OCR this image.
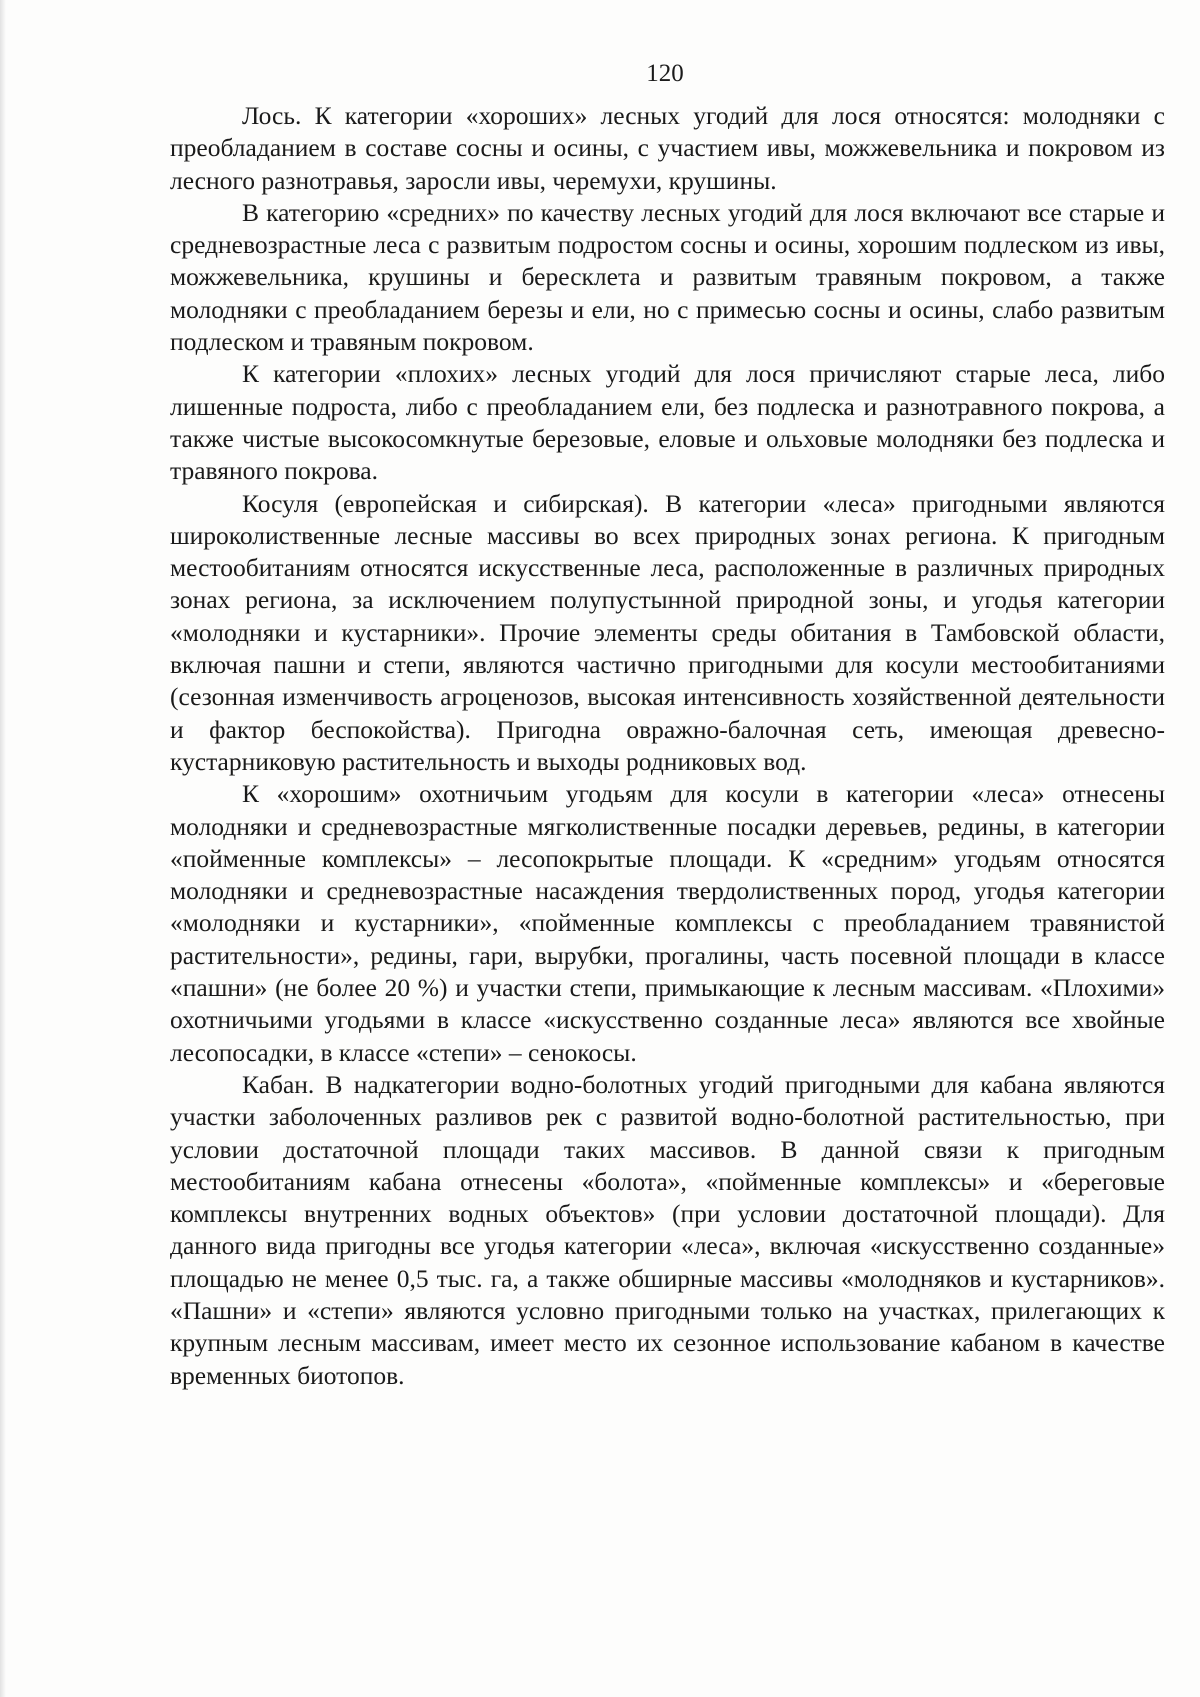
120

Лось. К категории «хороших» лесных угодий для лося относятся: молодняки с преобладанием в составе сосны и осины, с участием ивы, можжевельника и покровом из лесного разнотравья, заросли ивы, черемухи, крушины.

В категорию «средних» по качеству лесных угодий для лося включают все старые и средневозрастные леса с развитым подростом сосны и осины, хорошим подлеском из ивы, можжевельника, крушины и бересклета и развитым травяным покровом, а также молодняки с преобладанием березы и ели, но с примесью сосны и осины, слабо развитым подлеском и травяным покровом.

К категории «плохих» лесных угодий для лося причисляют старые леса, либо лишенные подроста, либо с преобладанием ели, без подлеска и разнотравного покрова, а также чистые высокосомкнутые березовые, еловые и ольховые молодняки без подлеска и травяного покрова.

Косуля (европейская и сибирская). В категории «леса» пригодными являются широколиственные лесные массивы во всех природных зонах региона. К пригодным местообитаниям относятся искусственные леса, расположенные в различных природных зонах региона, за исключением полупустынной природной зоны, и угодья категории «молодняки и кустарники». Прочие элементы среды обитания в Тамбовской области, включая пашни и степи, являются частично пригодными для косули местообитаниями (сезонная изменчивость агроценозов, высокая интенсивность хозяйственной деятельности и фактор беспокойства). Пригодна овражно-балочная сеть, имеющая древесно-кустарниковую растительность и выходы родниковых вод.

К «хорошим» охотничьим угодьям для косули в категории «леса» отнесены молодняки и средневозрастные мягколиственные посадки деревьев, редины, в категории «пойменные комплексы» – лесопокрытые площади. К «средним» угодьям относятся молодняки и средневозрастные насаждения твердолиственных пород, угодья категории «молодняки и кустарники», «пойменные комплексы с преобладанием травянистой растительности», редины, гари, вырубки, прогалины, часть посевной площади в классе «пашни» (не более 20 %) и участки степи, примыкающие к лесным массивам. «Плохими» охотничьими угодьями в классе «искусственно созданные леса» являются все хвойные лесопосадки, в классе «степи» – сенокосы.

Кабан. В надкатегории водно-болотных угодий пригодными для кабана являются участки заболоченных разливов рек с развитой водно-болотной растительностью, при условии достаточной площади таких массивов. В данной связи к пригодным местообитаниям кабана отнесены «болота», «пойменные комплексы» и «береговые комплексы внутренних водных объектов» (при условии достаточной площади). Для данного вида пригодны все угодья категории «леса», включая «искусственно созданные» площадью не менее 0,5 тыс. га, а также обширные массивы «молодняков и кустарников». «Пашни» и «степи» являются условно пригодными только на участках, прилегающих к крупным лесным массивам, имеет место их сезонное использование кабаном в качестве временных биотопов.
